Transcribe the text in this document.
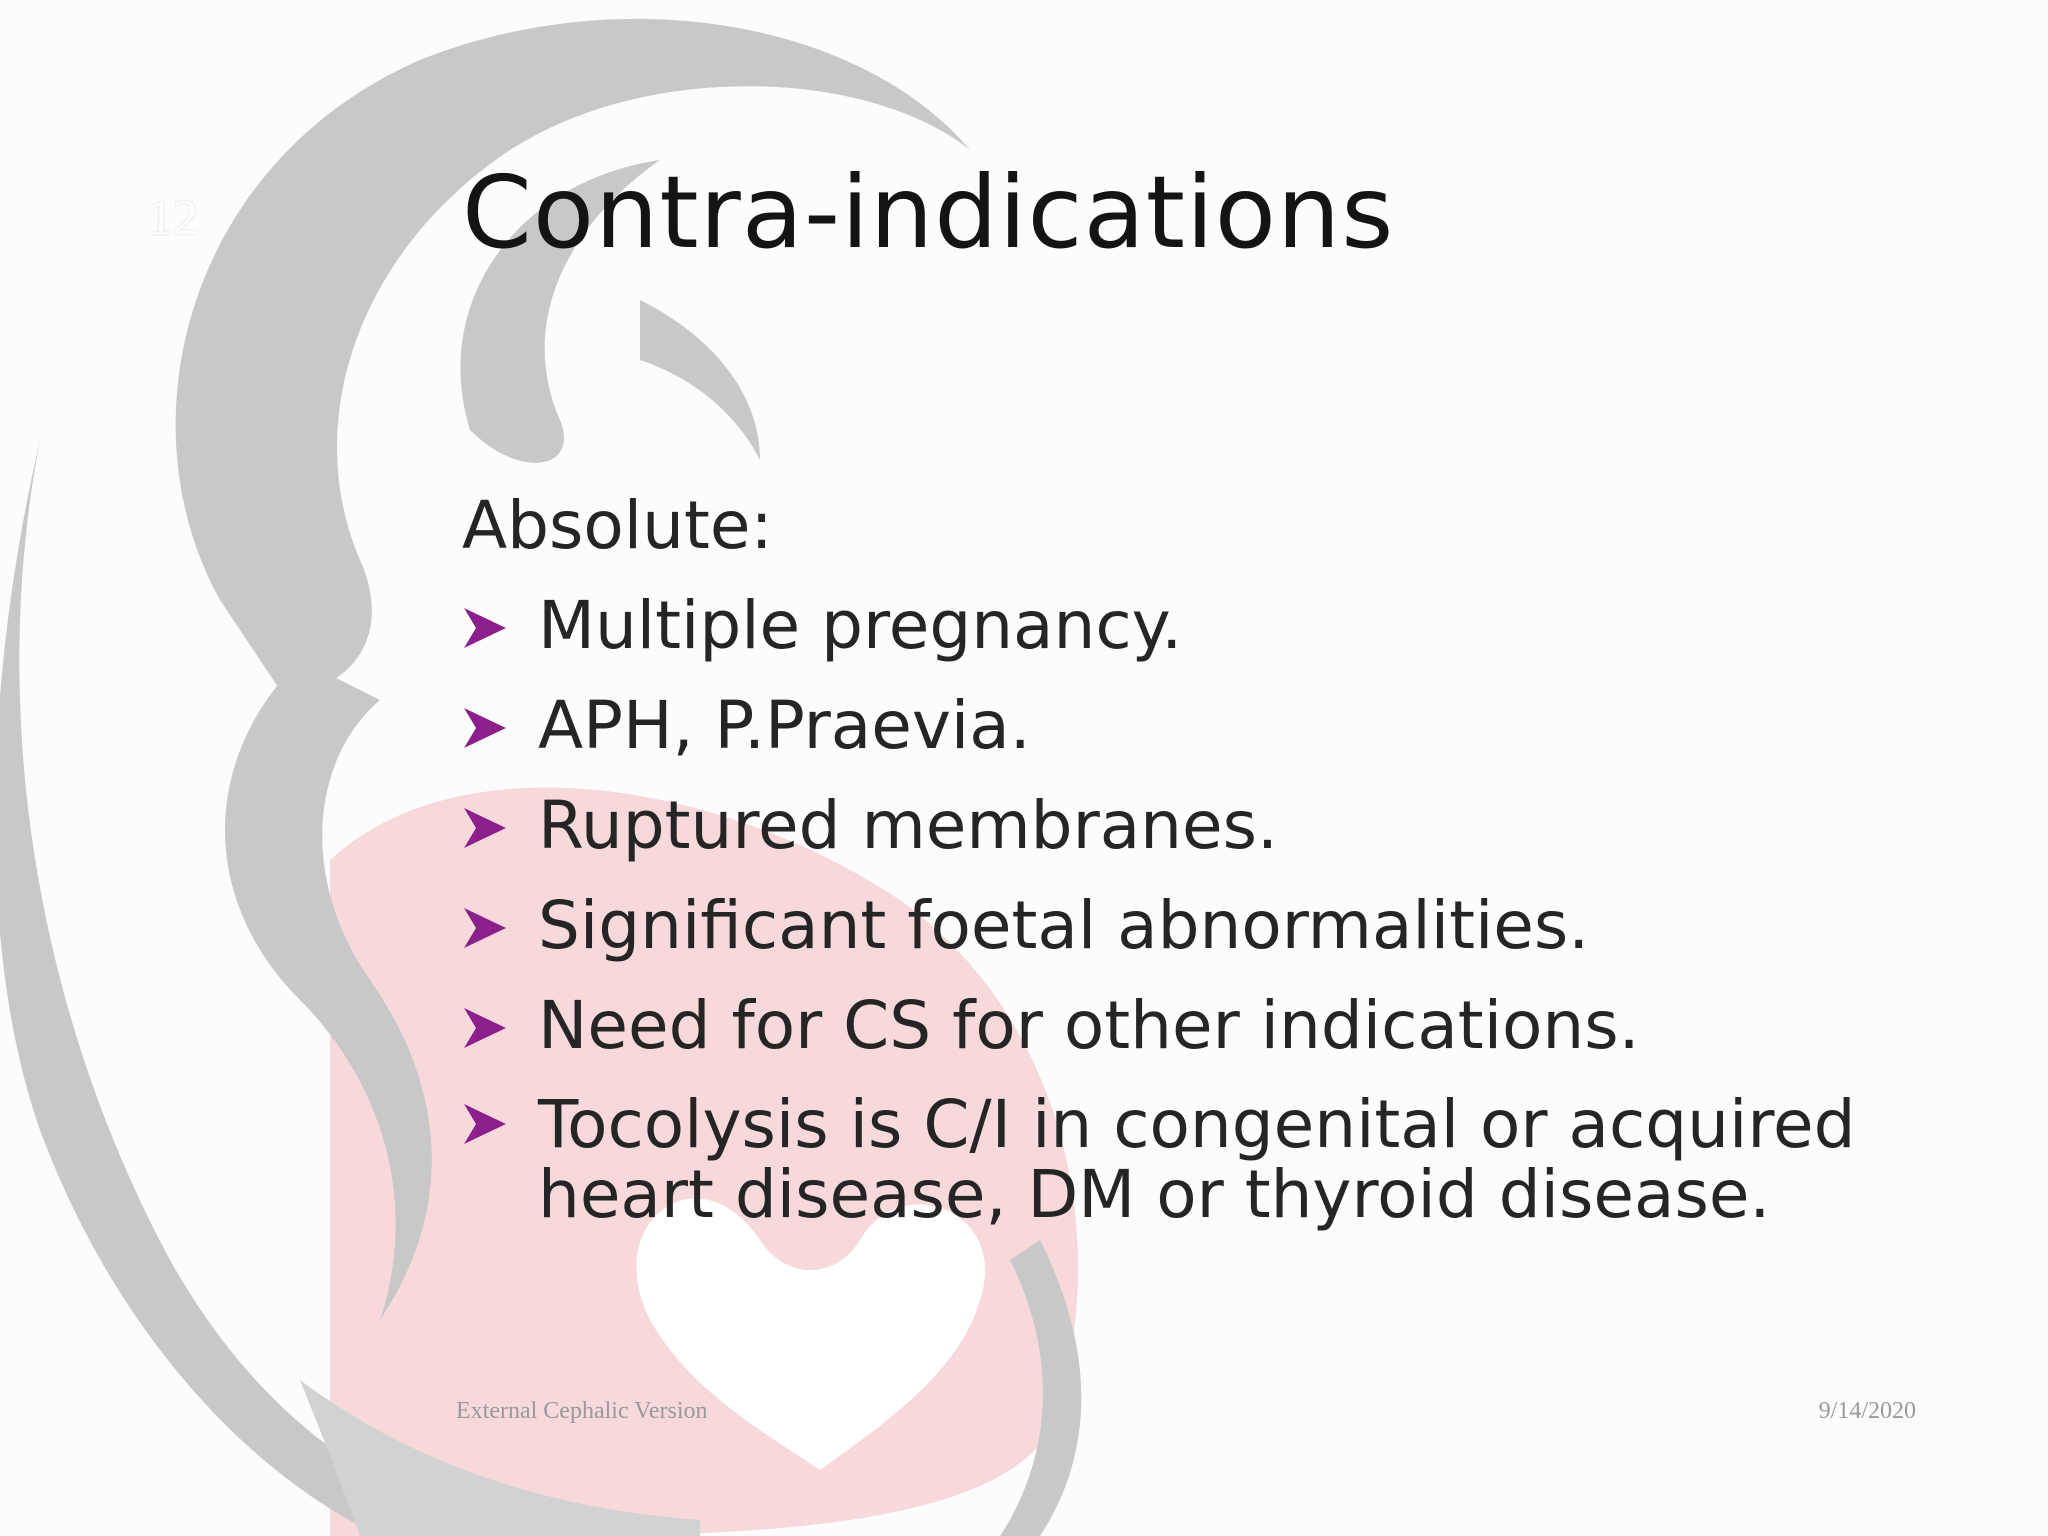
12	Contra-indications
Absolute:
Multiple pregnancy.
APH, P.Praevia.
Ruptured membranes.
Significant foetal abnormalities.
Need for CS for other indications.
Tocolysis is C/I in congenital or acquired heart disease, DM or thyroid disease.
External Cephalic Version	9/14/2020
